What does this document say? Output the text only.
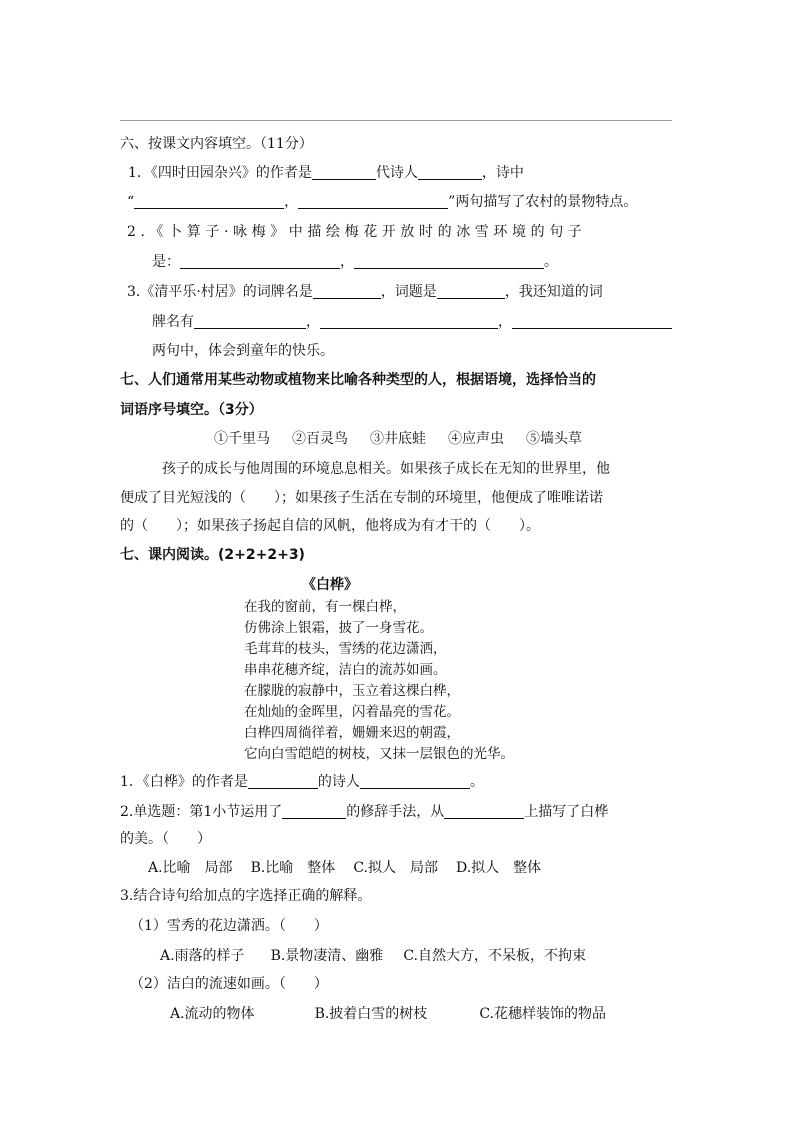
六、按课文内容填空。（11分）
1．《四时田园杂兴》的作者是	代诗人	，诗中
“	，	”两句描写了农村的景物特点。
2.《卜算子·咏梅》中描绘梅花开放时的冰雪环境的句子
是：	，	。
3.《清平乐·村居》的词牌名是	，词题是	，我还知道的词
牌名有	，	，
两句中，体会到童年的快乐。
七、人们通常用某些动物或植物来比喻各种类型的人，根据语境，选择恰当的
词语序号填空。（3分）
①千里马 ②百灵鸟 ③井底蛙 ④应声虫 ⑤墙头草
孩子的成长与他周围的环境息息相关。如果孩子成长在无知的世界里，他
便成了目光短浅的（　　）；如果孩子生活在专制的环境里，他便成了唯唯诺诺
的（　　）；如果孩子扬起自信的风帆，他将成为有才干的（　　）。
七、课内阅读。(2+2+2+3)
《白桦》
在我的窗前，有一棵白桦，
仿佛涂上银霜，披了一身雪花。
毛茸茸的枝头，雪绣的花边潇洒，
串串花穗齐绽，洁白的流苏如画。
在朦胧的寂静中，玉立着这棵白桦，
在灿灿的金晖里，闪着晶亮的雪花。
白桦四周徜徉着，姗姗来迟的朝霞，
它向白雪皑皑的树枝，又抹一层银色的光华。
1．《白桦》的作者是	的诗人	。
2.单选题：第1小节运用了	的修辞手法，从	上描写了白桦
的美。（　　）
A.比喻　局部 B.比喻　整体 C.拟人　局部 D.拟人　整体
3.结合诗句给加点的字选择正确的解释。
（1）雪秀的花边潇洒。（　　）
A.雨落的样子 B.景物凄清、幽雅 C.自然大方，不呆板，不拘束
（2）洁白的流速如画。（　　）
A.流动的物体	B.披着白雪的树枝	C.花穗样装饰的物品
